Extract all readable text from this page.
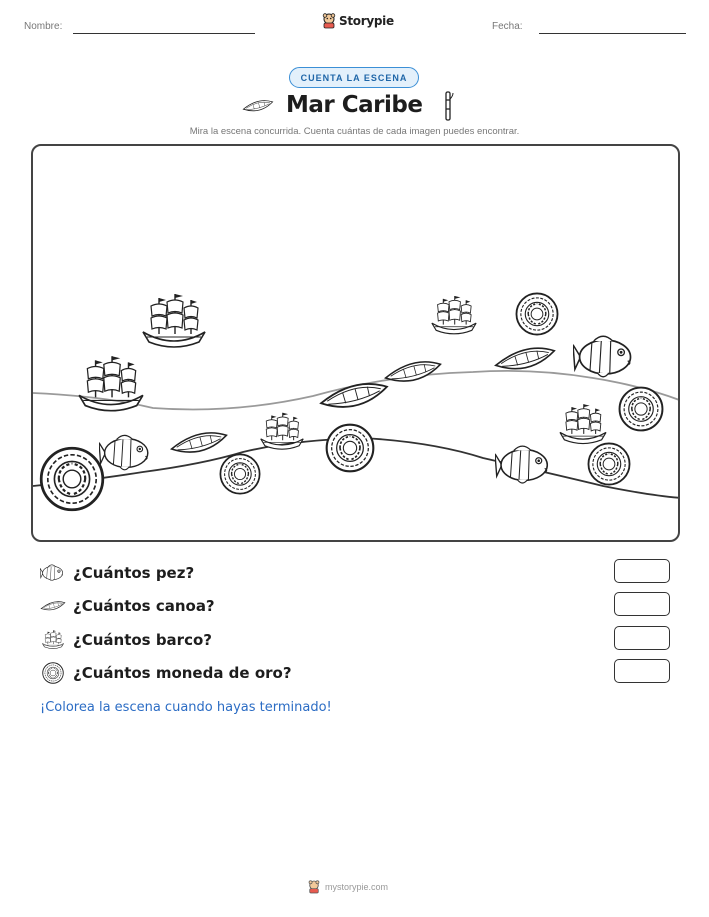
Nombre:	Storypie	Fecha:
CUENTA LA ESCENA
Mar Caribe
Mira la escena concurrida. Cuenta cuántas de cada imagen puedes encontrar.
¿Cuántos pez?
¿Cuántos canoa?
¿Cuántos barco?
¿Cuántos moneda de oro?
¡Colorea la escena cuando hayas terminado!
mystorypie.com
